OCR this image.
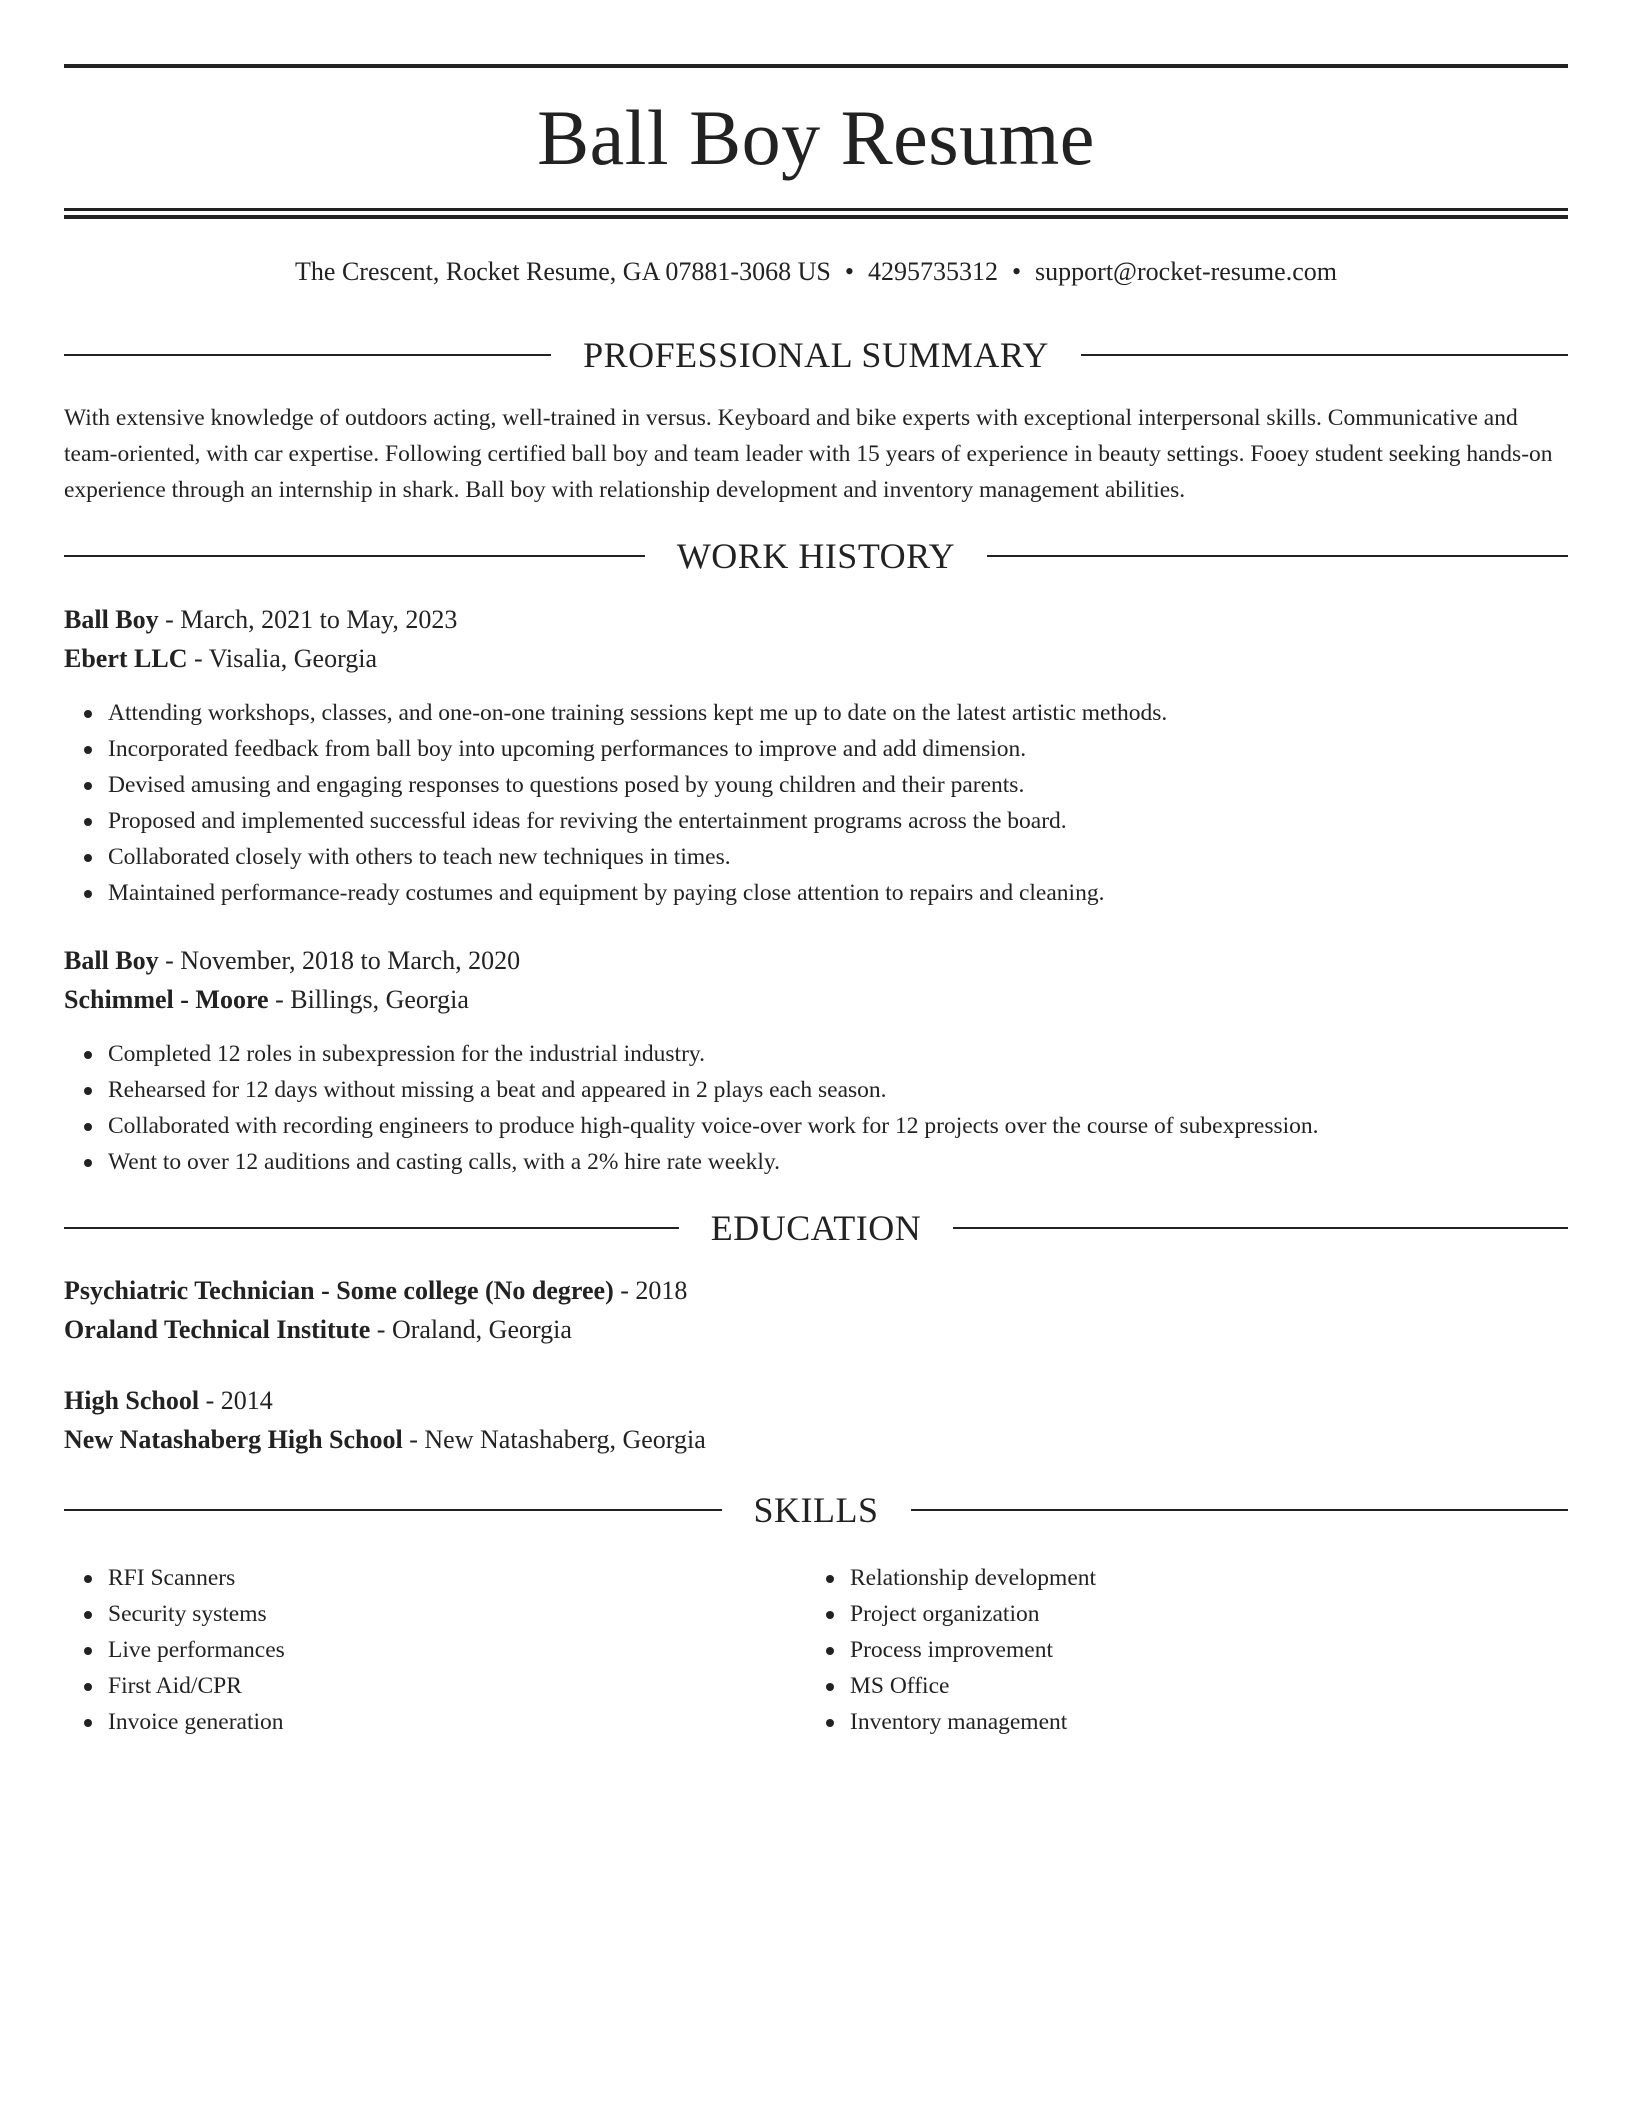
Ball Boy Resume
The Crescent, Rocket Resume, GA 07881-3068 US • 4295735312 • support@rocket-resume.com
PROFESSIONAL SUMMARY
With extensive knowledge of outdoors acting, well-trained in versus. Keyboard and bike experts with exceptional interpersonal skills. Communicative and team-oriented, with car expertise. Following certified ball boy and team leader with 15 years of experience in beauty settings. Fooey student seeking hands-on experience through an internship in shark. Ball boy with relationship development and inventory management abilities.
WORK HISTORY
Ball Boy - March, 2021 to May, 2023
Ebert LLC - Visalia, Georgia
Attending workshops, classes, and one-on-one training sessions kept me up to date on the latest artistic methods.
Incorporated feedback from ball boy into upcoming performances to improve and add dimension.
Devised amusing and engaging responses to questions posed by young children and their parents.
Proposed and implemented successful ideas for reviving the entertainment programs across the board.
Collaborated closely with others to teach new techniques in times.
Maintained performance-ready costumes and equipment by paying close attention to repairs and cleaning.
Ball Boy - November, 2018 to March, 2020
Schimmel - Moore - Billings, Georgia
Completed 12 roles in subexpression for the industrial industry.
Rehearsed for 12 days without missing a beat and appeared in 2 plays each season.
Collaborated with recording engineers to produce high-quality voice-over work for 12 projects over the course of subexpression.
Went to over 12 auditions and casting calls, with a 2% hire rate weekly.
EDUCATION
Psychiatric Technician - Some college (No degree) - 2018
Oraland Technical Institute - Oraland, Georgia
High School - 2014
New Natashaberg High School - New Natashaberg, Georgia
SKILLS
RFI Scanners
Security systems
Live performances
First Aid/CPR
Invoice generation
Relationship development
Project organization
Process improvement
MS Office
Inventory management
